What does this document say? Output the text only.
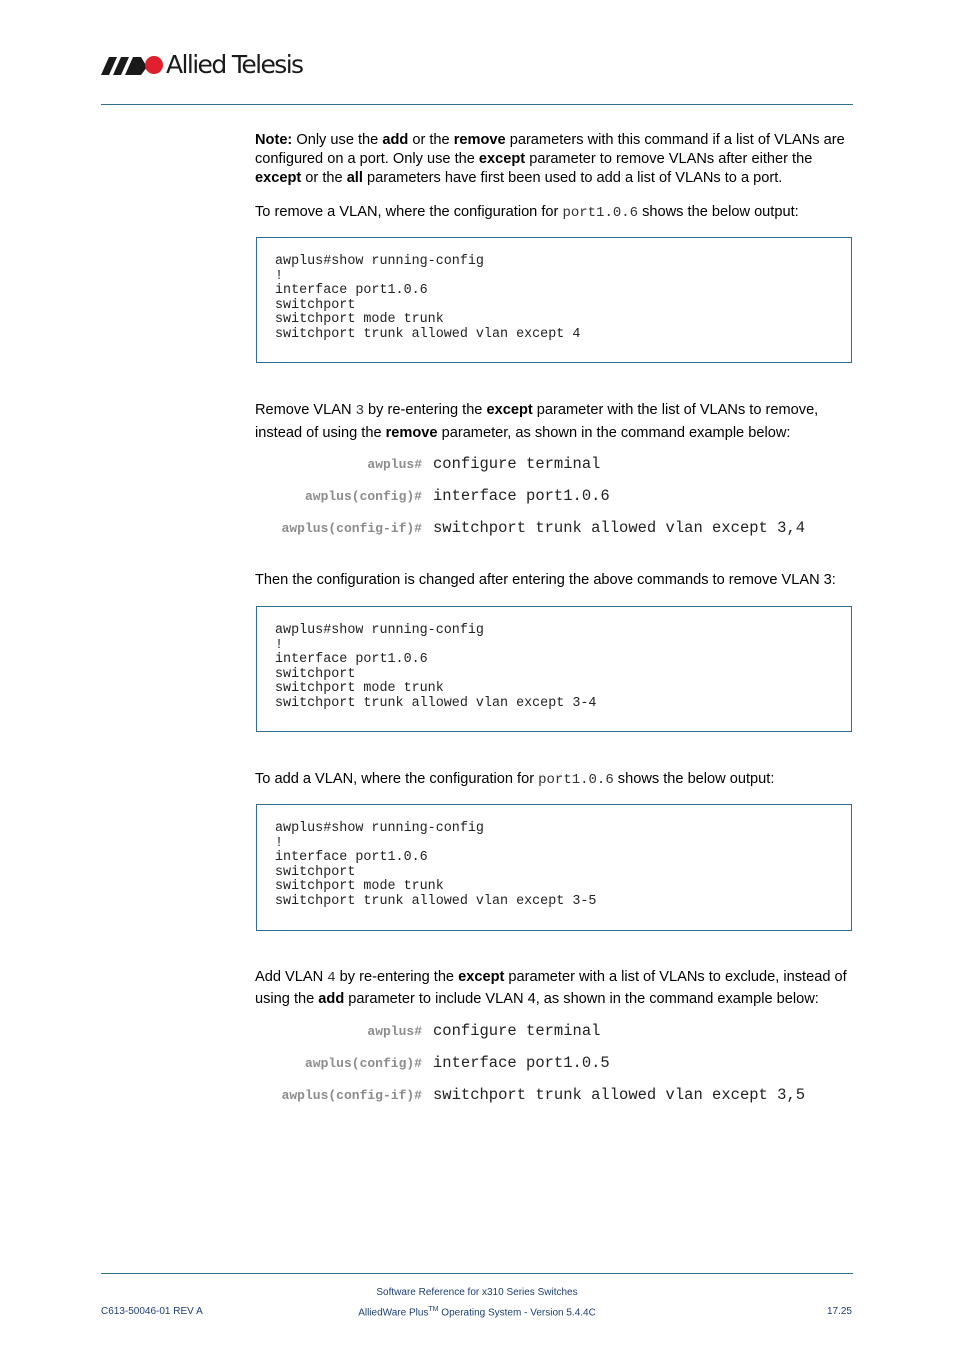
Allied Telesis
Note: Only use the add or the remove parameters with this command if a list of VLANs are configured on a port. Only use the except parameter to remove VLANs after either the except or the all parameters have first been used to add a list of VLANs to a port.
To remove a VLAN, where the configuration for port1.0.6 shows the below output:
awplus#show running-config
!
interface port1.0.6
switchport
switchport mode trunk
switchport trunk allowed vlan except 4
Remove VLAN 3 by re-entering the except parameter with the list of VLANs to remove, instead of using the remove parameter, as shown in the command example below:
awplus# configure terminal
awplus(config)# interface port1.0.6
awplus(config-if)# switchport trunk allowed vlan except 3,4
Then the configuration is changed after entering the above commands to remove VLAN 3:
awplus#show running-config
!
interface port1.0.6
switchport
switchport mode trunk
switchport trunk allowed vlan except 3-4
To add a VLAN, where the configuration for port1.0.6 shows the below output:
awplus#show running-config
!
interface port1.0.6
switchport
switchport mode trunk
switchport trunk allowed vlan except 3-5
Add VLAN 4 by re-entering the except parameter with a list of VLANs to exclude, instead of using the add parameter to include VLAN 4, as shown in the command example below:
awplus# configure terminal
awplus(config)# interface port1.0.5
awplus(config-if)# switchport trunk allowed vlan except 3,5
C613-50046-01 REV A
Software Reference for x310 Series Switches
AlliedWare Plus™ Operating System - Version 5.4.4C	17.25
